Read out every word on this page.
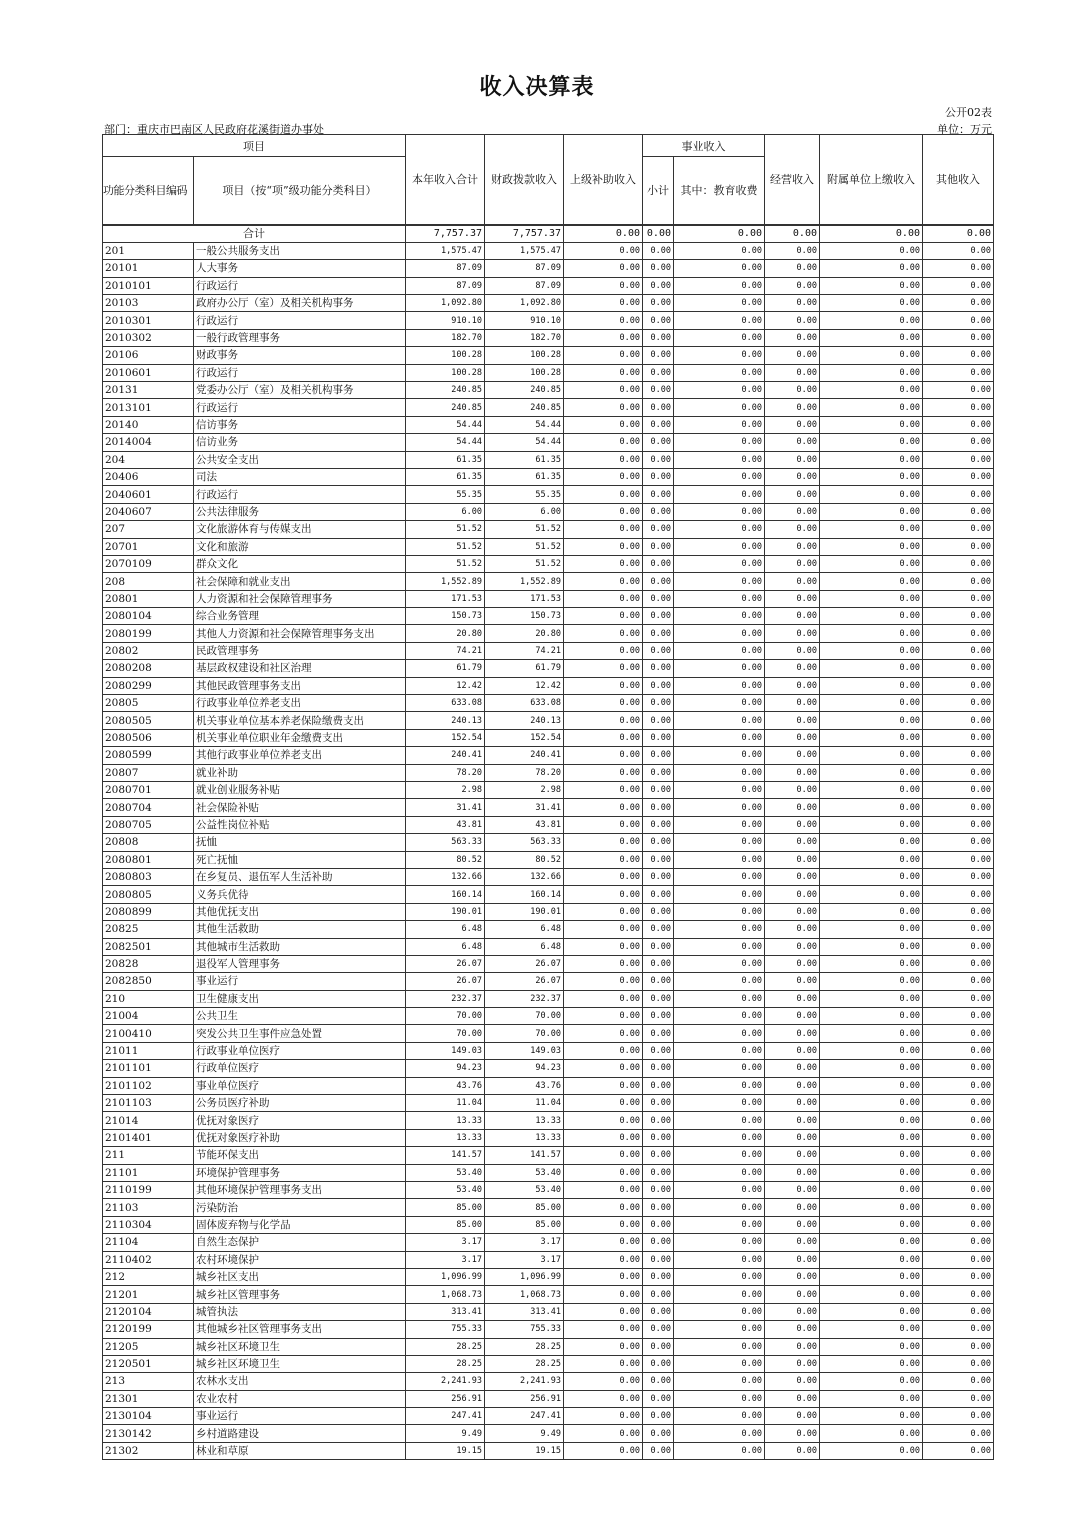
收入决算表
公开02表
部门：重庆市巴南区人民政府花溪街道办事处	单位：万元
项目		本年收入合计	财政拨款收入	上级补助收入	事业收入		经营收入	附属单位上缴收入	其他收入
功能分类科目编码	项目（按“项”级功能分类科目）				小计	其中：教育收费			
合计		7,757.37	7,757.37	0.00	0.00	0.00	0.00	0.00	0.00
201	一般公共服务支出	1,575.47	1,575.47	0.00	0.00	0.00	0.00	0.00	0.00
20101	人大事务	87.09	87.09	0.00	0.00	0.00	0.00	0.00	0.00
2010101	行政运行	87.09	87.09	0.00	0.00	0.00	0.00	0.00	0.00
20103	政府办公厅（室）及相关机构事务	1,092.80	1,092.80	0.00	0.00	0.00	0.00	0.00	0.00
2010301	行政运行	910.10	910.10	0.00	0.00	0.00	0.00	0.00	0.00
2010302	一般行政管理事务	182.70	182.70	0.00	0.00	0.00	0.00	0.00	0.00
20106	财政事务	100.28	100.28	0.00	0.00	0.00	0.00	0.00	0.00
2010601	行政运行	100.28	100.28	0.00	0.00	0.00	0.00	0.00	0.00
20131	党委办公厅（室）及相关机构事务	240.85	240.85	0.00	0.00	0.00	0.00	0.00	0.00
2013101	行政运行	240.85	240.85	0.00	0.00	0.00	0.00	0.00	0.00
20140	信访事务	54.44	54.44	0.00	0.00	0.00	0.00	0.00	0.00
2014004	信访业务	54.44	54.44	0.00	0.00	0.00	0.00	0.00	0.00
204	公共安全支出	61.35	61.35	0.00	0.00	0.00	0.00	0.00	0.00
20406	司法	61.35	61.35	0.00	0.00	0.00	0.00	0.00	0.00
2040601	行政运行	55.35	55.35	0.00	0.00	0.00	0.00	0.00	0.00
2040607	公共法律服务	6.00	6.00	0.00	0.00	0.00	0.00	0.00	0.00
207	文化旅游体育与传媒支出	51.52	51.52	0.00	0.00	0.00	0.00	0.00	0.00
20701	文化和旅游	51.52	51.52	0.00	0.00	0.00	0.00	0.00	0.00
2070109	群众文化	51.52	51.52	0.00	0.00	0.00	0.00	0.00	0.00
208	社会保障和就业支出	1,552.89	1,552.89	0.00	0.00	0.00	0.00	0.00	0.00
20801	人力资源和社会保障管理事务	171.53	171.53	0.00	0.00	0.00	0.00	0.00	0.00
2080104	综合业务管理	150.73	150.73	0.00	0.00	0.00	0.00	0.00	0.00
2080199	其他人力资源和社会保障管理事务支出	20.80	20.80	0.00	0.00	0.00	0.00	0.00	0.00
20802	民政管理事务	74.21	74.21	0.00	0.00	0.00	0.00	0.00	0.00
2080208	基层政权建设和社区治理	61.79	61.79	0.00	0.00	0.00	0.00	0.00	0.00
2080299	其他民政管理事务支出	12.42	12.42	0.00	0.00	0.00	0.00	0.00	0.00
20805	行政事业单位养老支出	633.08	633.08	0.00	0.00	0.00	0.00	0.00	0.00
2080505	机关事业单位基本养老保险缴费支出	240.13	240.13	0.00	0.00	0.00	0.00	0.00	0.00
2080506	机关事业单位职业年金缴费支出	152.54	152.54	0.00	0.00	0.00	0.00	0.00	0.00
2080599	其他行政事业单位养老支出	240.41	240.41	0.00	0.00	0.00	0.00	0.00	0.00
20807	就业补助	78.20	78.20	0.00	0.00	0.00	0.00	0.00	0.00
2080701	就业创业服务补贴	2.98	2.98	0.00	0.00	0.00	0.00	0.00	0.00
2080704	社会保险补贴	31.41	31.41	0.00	0.00	0.00	0.00	0.00	0.00
2080705	公益性岗位补贴	43.81	43.81	0.00	0.00	0.00	0.00	0.00	0.00
20808	抚恤	563.33	563.33	0.00	0.00	0.00	0.00	0.00	0.00
2080801	死亡抚恤	80.52	80.52	0.00	0.00	0.00	0.00	0.00	0.00
2080803	在乡复员、退伍军人生活补助	132.66	132.66	0.00	0.00	0.00	0.00	0.00	0.00
2080805	义务兵优待	160.14	160.14	0.00	0.00	0.00	0.00	0.00	0.00
2080899	其他优抚支出	190.01	190.01	0.00	0.00	0.00	0.00	0.00	0.00
20825	其他生活救助	6.48	6.48	0.00	0.00	0.00	0.00	0.00	0.00
2082501	其他城市生活救助	6.48	6.48	0.00	0.00	0.00	0.00	0.00	0.00
20828	退役军人管理事务	26.07	26.07	0.00	0.00	0.00	0.00	0.00	0.00
2082850	事业运行	26.07	26.07	0.00	0.00	0.00	0.00	0.00	0.00
210	卫生健康支出	232.37	232.37	0.00	0.00	0.00	0.00	0.00	0.00
21004	公共卫生	70.00	70.00	0.00	0.00	0.00	0.00	0.00	0.00
2100410	突发公共卫生事件应急处置	70.00	70.00	0.00	0.00	0.00	0.00	0.00	0.00
21011	行政事业单位医疗	149.03	149.03	0.00	0.00	0.00	0.00	0.00	0.00
2101101	行政单位医疗	94.23	94.23	0.00	0.00	0.00	0.00	0.00	0.00
2101102	事业单位医疗	43.76	43.76	0.00	0.00	0.00	0.00	0.00	0.00
2101103	公务员医疗补助	11.04	11.04	0.00	0.00	0.00	0.00	0.00	0.00
21014	优抚对象医疗	13.33	13.33	0.00	0.00	0.00	0.00	0.00	0.00
2101401	优抚对象医疗补助	13.33	13.33	0.00	0.00	0.00	0.00	0.00	0.00
211	节能环保支出	141.57	141.57	0.00	0.00	0.00	0.00	0.00	0.00
21101	环境保护管理事务	53.40	53.40	0.00	0.00	0.00	0.00	0.00	0.00
2110199	其他环境保护管理事务支出	53.40	53.40	0.00	0.00	0.00	0.00	0.00	0.00
21103	污染防治	85.00	85.00	0.00	0.00	0.00	0.00	0.00	0.00
2110304	固体废弃物与化学品	85.00	85.00	0.00	0.00	0.00	0.00	0.00	0.00
21104	自然生态保护	3.17	3.17	0.00	0.00	0.00	0.00	0.00	0.00
2110402	农村环境保护	3.17	3.17	0.00	0.00	0.00	0.00	0.00	0.00
212	城乡社区支出	1,096.99	1,096.99	0.00	0.00	0.00	0.00	0.00	0.00
21201	城乡社区管理事务	1,068.73	1,068.73	0.00	0.00	0.00	0.00	0.00	0.00
2120104	城管执法	313.41	313.41	0.00	0.00	0.00	0.00	0.00	0.00
2120199	其他城乡社区管理事务支出	755.33	755.33	0.00	0.00	0.00	0.00	0.00	0.00
21205	城乡社区环境卫生	28.25	28.25	0.00	0.00	0.00	0.00	0.00	0.00
2120501	城乡社区环境卫生	28.25	28.25	0.00	0.00	0.00	0.00	0.00	0.00
213	农林水支出	2,241.93	2,241.93	0.00	0.00	0.00	0.00	0.00	0.00
21301	农业农村	256.91	256.91	0.00	0.00	0.00	0.00	0.00	0.00
2130104	事业运行	247.41	247.41	0.00	0.00	0.00	0.00	0.00	0.00
2130142	乡村道路建设	9.49	9.49	0.00	0.00	0.00	0.00	0.00	0.00
21302	林业和草原	19.15	19.15	0.00	0.00	0.00	0.00	0.00	0.00
